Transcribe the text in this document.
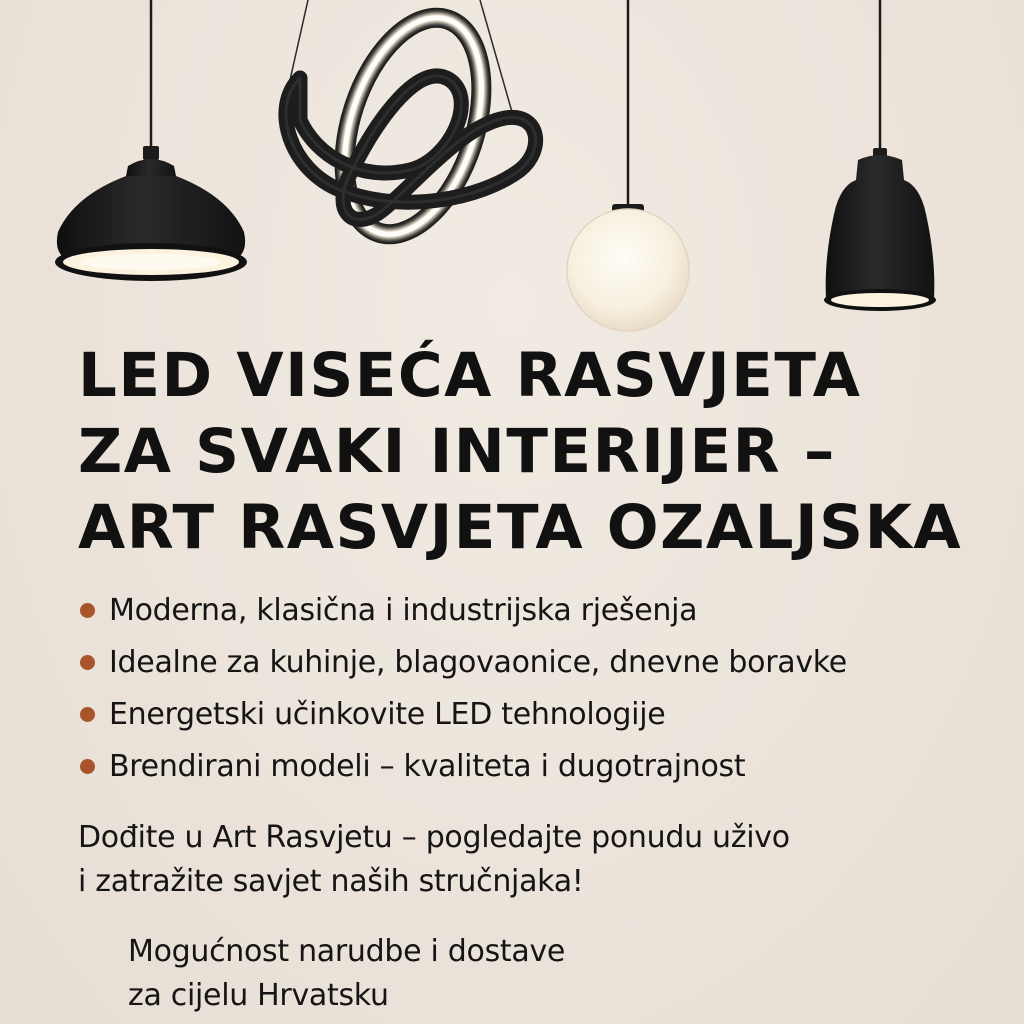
LED VISEĆA RASVJETA
ZA SVAKI INTERIJER –
ART RASVJETA OZALJSKA
Moderna, klasična i industrijska rješenja
Idealne za kuhinje, blagovaonice, dnevne boravke
Energetski učinkovite LED tehnologije
Brendirani modeli – kvaliteta i dugotrajnost

Dođite u Art Rasvjetu – pogledajte ponudu uživo
i zatražite savjet naših stručnjaka!

Mogućnost narudbe i dostave
za cijelu Hrvatsku
